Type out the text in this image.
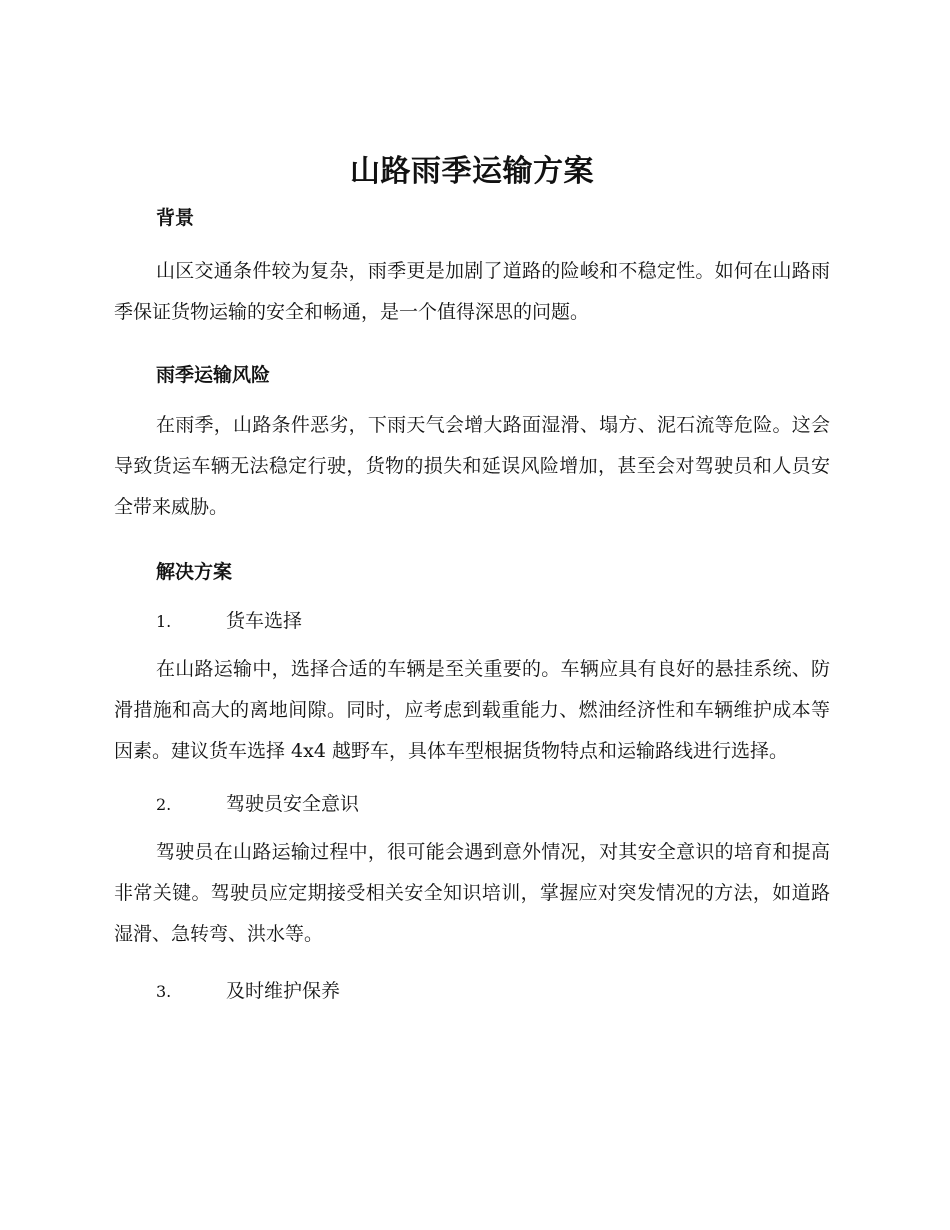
山路雨季运输方案
背景

山区交通条件较为复杂，雨季更是加剧了道路的险峻和不稳定性。如何在山路雨季保证货物运输的安全和畅通，是一个值得深思的问题。

雨季运输风险

在雨季，山路条件恶劣，下雨天气会增大路面湿滑、塌方、泥石流等危险。这会导致货运车辆无法稳定行驶，货物的损失和延误风险增加，甚至会对驾驶员和人员安全带来威胁。

解决方案
1.	货车选择

在山路运输中，选择合适的车辆是至关重要的。车辆应具有良好的悬挂系统、防滑措施和高大的离地间隙。同时，应考虑到载重能力、燃油经济性和车辆维护成本等因素。建议货车选择 4x4 越野车，具体车型根据货物特点和运输路线进行选择。

2.	驾驶员安全意识

驾驶员在山路运输过程中，很可能会遇到意外情况，对其安全意识的培育和提高非常关键。驾驶员应定期接受相关安全知识培训，掌握应对突发情况的方法，如道路湿滑、急转弯、洪水等。

3.	及时维护保养
